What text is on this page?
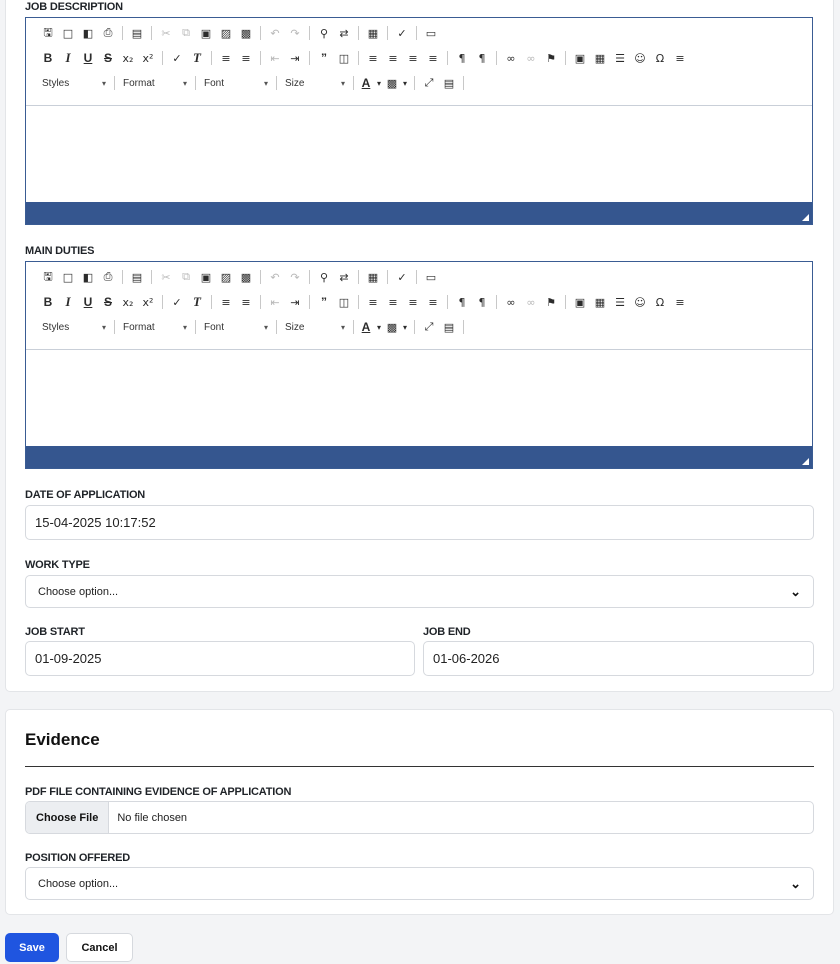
JOB DESCRIPTION
🖫 □ ◧ ⎙	▤	✂	⧉ ▣ ▨ ▩	↶ ↷	⚲	⇄	▦	✓	▭
B	I	U S x₂ x²	✓ T	≡ ≡	⇤ ⇥	”	◫	≡ ≡ ≡ ≡	¶	¶	∞ ∞ ⚑	▣ ▦ ☰ ☺ Ω	≡
Styles	▾ Format	▾ Font	▾ Size	▾	A ▾ ▩ ▾	⤢ ▤
MAIN DUTIES
🖫 □ ◧ ⎙	▤	✂	⧉ ▣ ▨ ▩	↶ ↷	⚲	⇄	▦	✓	▭
B	I	U S x₂ x²	✓ T	≡ ≡	⇤ ⇥	”	◫	≡ ≡ ≡ ≡	¶	¶	∞ ∞ ⚑	▣ ▦ ☰ ☺ Ω	≡
Styles	▾ Format	▾ Font	▾ Size	▾	A ▾ ▩ ▾	⤢ ▤
DATE OF APPLICATION
15-04-2025 10:17:52
WORK TYPE
Choose option...	⌄
JOB START
01-09-2025
JOB END
01-06-2026
Evidence
PDF FILE CONTAINING EVIDENCE OF APPLICATION
Choose File	No file chosen
POSITION OFFERED
Choose option...	⌄
Save	Cancel
